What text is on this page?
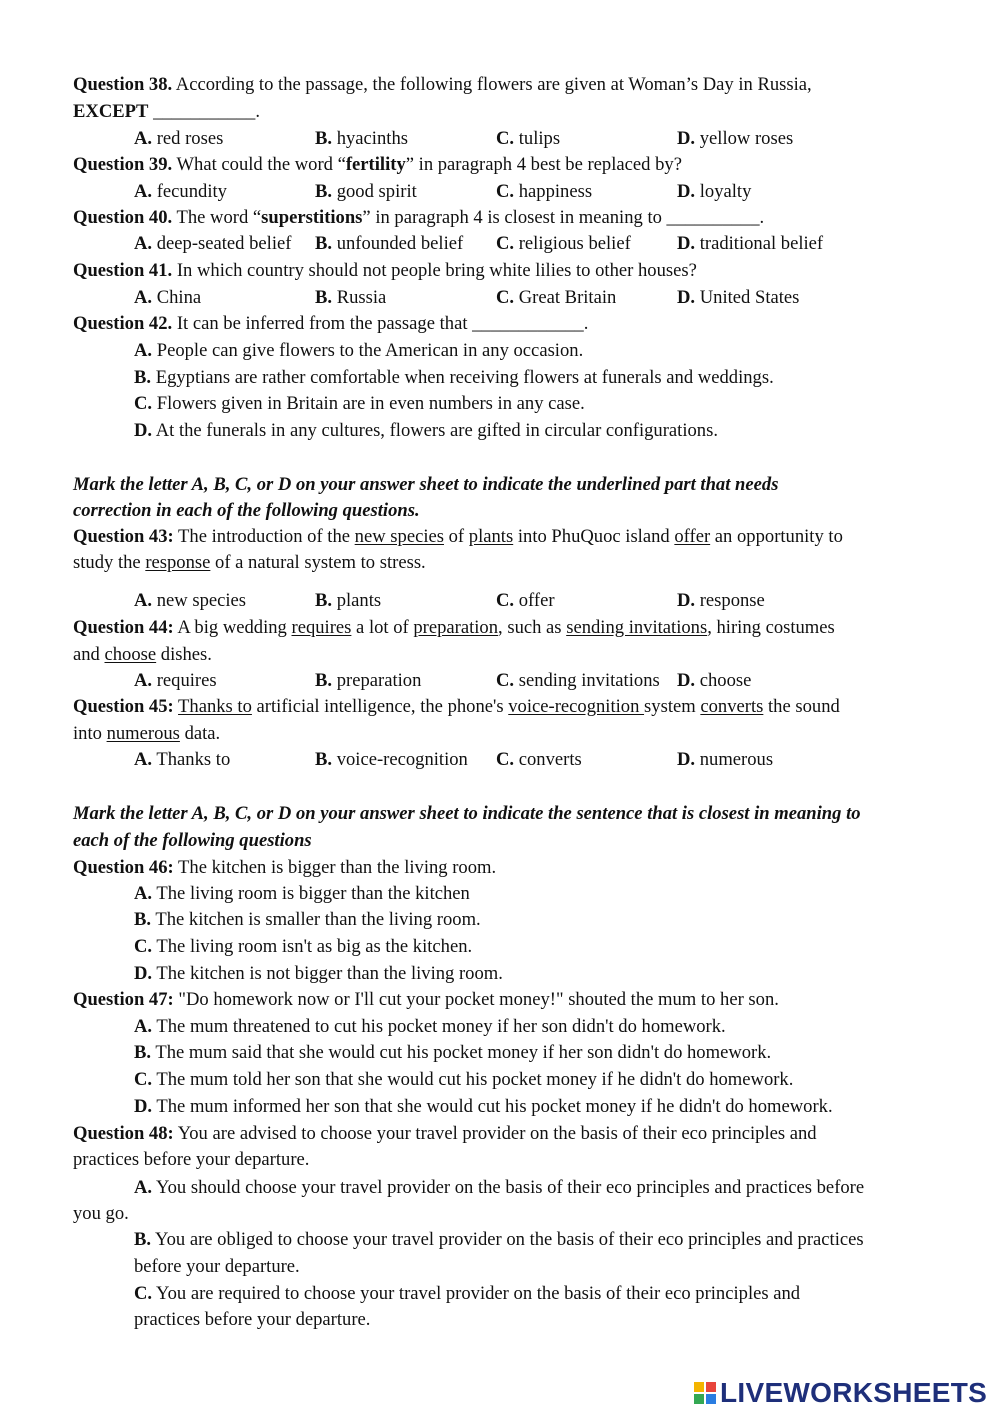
Question 38. According to the passage, the following flowers are given at Woman’s Day in Russia,
EXCEPT ___________.
A. red roses	B. hyacinths	C. tulips	D. yellow roses
Question 39. What could the word “fertility” in paragraph 4 best be replaced by?
A. fecundity	B. good spirit	C. happiness	D. loyalty
Question 40. The word “superstitions” in paragraph 4 is closest in meaning to __________.
A. deep-seated belief B. unfounded belief C. religious belief D. traditional belief
Question 41. In which country should not people bring white lilies to other houses?
A. China	B. Russia	C. Great Britain	D. United States
Question 42. It can be inferred from the passage that ____________.
A. People can give flowers to the American in any occasion.
B. Egyptians are rather comfortable when receiving flowers at funerals and weddings.
C. Flowers given in Britain are in even numbers in any case.
D. At the funerals in any cultures, flowers are gifted in circular configurations.
Mark the letter A, B, C, or D on your answer sheet to indicate the underlined part that needs
correction in each of the following questions.
Question 43: The introduction of the new species of plants into PhuQuoc island offer an opportunity to
study the response of a natural system to stress.
A. new species	B. plants	C. offer	D. response
Question 44: A big wedding requires a lot of preparation, such as sending invitations, hiring costumes
and choose dishes.
A. requires	B. preparation	C. sending invitations D. choose
Question 45: Thanks to artificial intelligence, the phone's voice-recognition system converts the sound
into numerous data.
A. Thanks to	B. voice-recognition C. converts	D. numerous
Mark the letter A, B, C, or D on your answer sheet to indicate the sentence that is closest in meaning to
each of the following questions
Question 46: The kitchen is bigger than the living room.
A. The living room is bigger than the kitchen
B. The kitchen is smaller than the living room.
C. The living room isn't as big as the kitchen.
D. The kitchen is not bigger than the living room.
Question 47: "Do homework now or I'll cut your pocket money!" shouted the mum to her son.
A. The mum threatened to cut his pocket money if her son didn't do homework.
B. The mum said that she would cut his pocket money if her son didn't do homework.
C. The mum told her son that she would cut his pocket money if he didn't do homework.
D. The mum informed her son that she would cut his pocket money if he didn't do homework.
Question 48: You are advised to choose your travel provider on the basis of their eco principles and
practices before your departure.
A. You should choose your travel provider on the basis of their eco principles and practices before
you go.
B. You are obliged to choose your travel provider on the basis of their eco principles and practices
before your departure.
C. You are required to choose your travel provider on the basis of their eco principles and
practices before your departure.
LIVEWORKSHEETS
